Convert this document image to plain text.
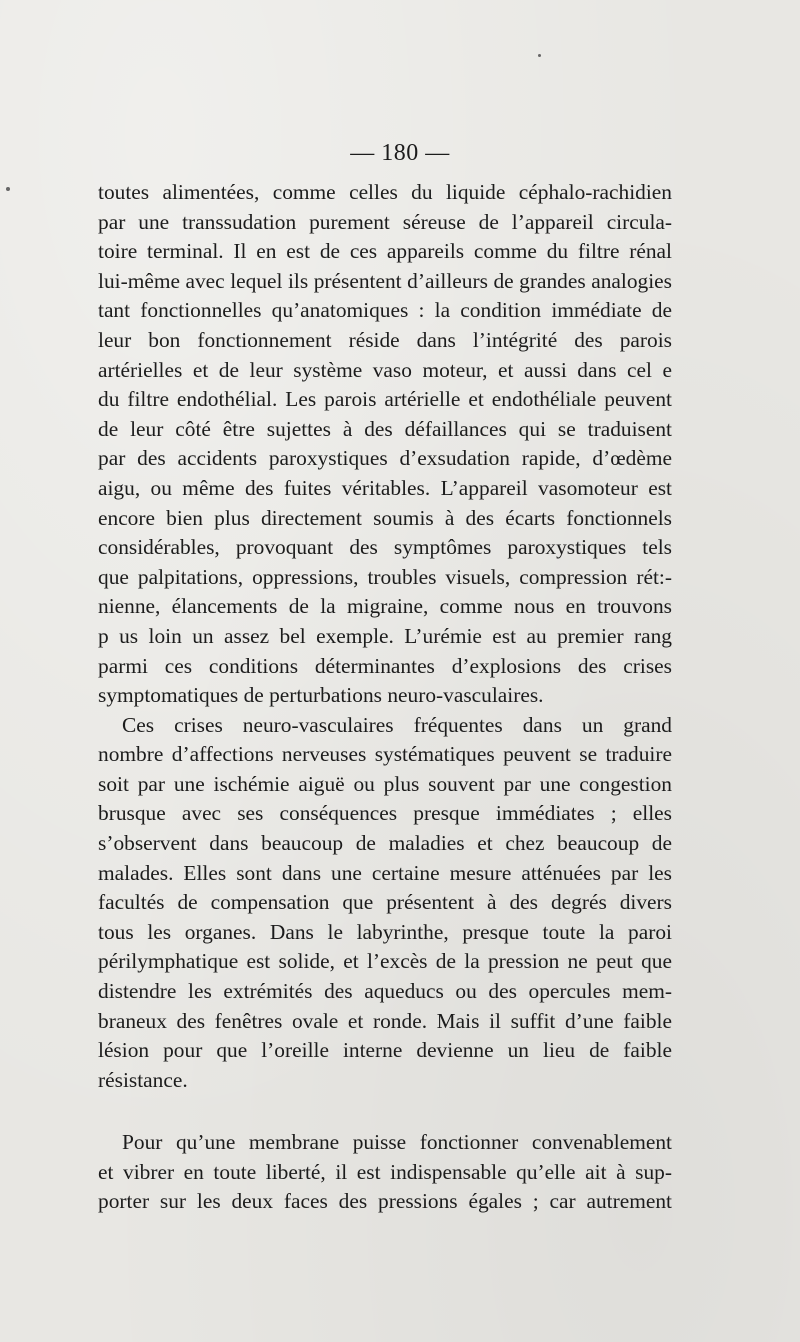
— 180 —
toutes alimentées, comme celles du liquide céphalo-rachidien
par une transsudation purement séreuse de l’appareil circula-
toire terminal. Il en est de ces appareils comme du filtre rénal
lui-même avec lequel ils présentent d’ailleurs de grandes analogies
tant fonctionnelles qu’anatomiques : la condition immédiate de
leur bon fonctionnement réside dans l’intégrité des parois
artérielles et de leur système vaso moteur, et aussi dans cel e
du filtre endothélial. Les parois artérielle et endothéliale peuvent
de leur côté être sujettes à des défaillances qui se traduisent
par des accidents paroxystiques d’exsudation rapide, d’œdème
aigu, ou même des fuites véritables. L’appareil vasomoteur est
encore bien plus directement soumis à des écarts fonctionnels
considérables, provoquant des symptômes paroxystiques tels
que palpitations, oppressions, troubles visuels, compression rét:-
nienne, élancements de la migraine, comme nous en trouvons
p us loin un assez bel exemple. L’urémie est au premier rang
parmi ces conditions déterminantes d’explosions des crises
symptomatiques de perturbations neuro-vasculaires.
Ces crises neuro-vasculaires fréquentes dans un grand
nombre d’affections nerveuses systématiques peuvent se traduire
soit par une ischémie aiguë ou plus souvent par une congestion
brusque avec ses conséquences presque immédiates ; elles
s’observent dans beaucoup de maladies et chez beaucoup de
malades. Elles sont dans une certaine mesure atténuées par les
facultés de compensation que présentent à des degrés divers
tous les organes. Dans le labyrinthe, presque toute la paroi
périlymphatique est solide, et l’excès de la pression ne peut que
distendre les extrémités des aqueducs ou des opercules mem-
braneux des fenêtres ovale et ronde. Mais il suffit d’une faible
lésion pour que l’oreille interne devienne un lieu de faible
résistance.
Pour qu’une membrane puisse fonctionner convenablement
et vibrer en toute liberté, il est indispensable qu’elle ait à sup-
porter sur les deux faces des pressions égales ; car autrement
